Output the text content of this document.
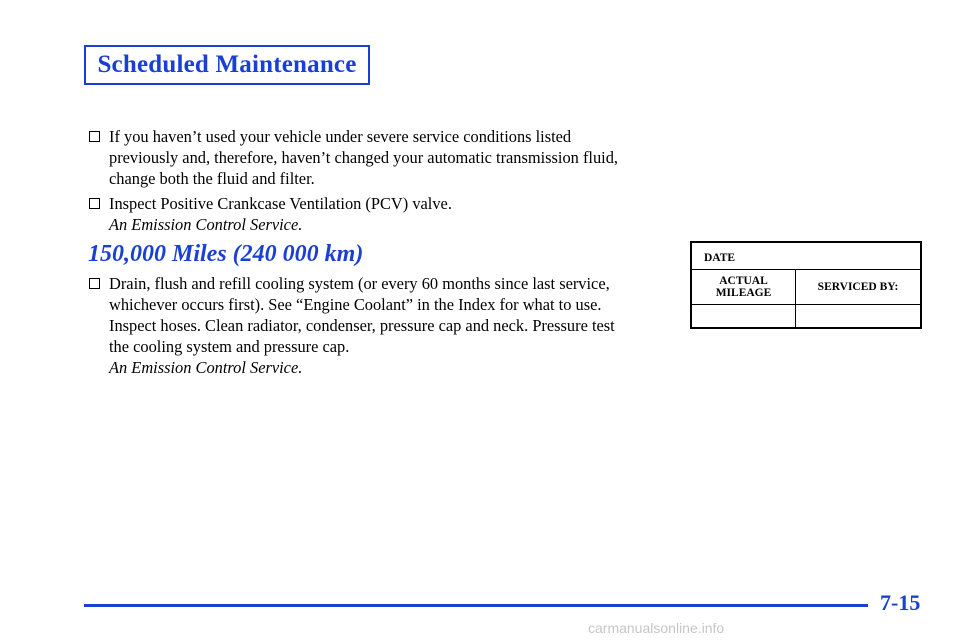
Scheduled Maintenance
If you haven’t used your vehicle under severe service conditions listed
previously and, therefore, haven’t changed your automatic transmission fluid,
change both the fluid and filter.
Inspect Positive Crankcase Ventilation (PCV) valve.
An Emission Control Service.
150,000 Miles (240 000 km)
Drain, flush and refill cooling system (or every 60 months since last service,
whichever occurs first). See “Engine Coolant” in the Index for what to use.
Inspect hoses. Clean radiator, condenser, pressure cap and neck. Pressure test
the cooling system and pressure cap.
An Emission Control Service.
DATE
ACTUAL
MILEAGE	SERVICED BY:
7-15
carmanualsonline.info
